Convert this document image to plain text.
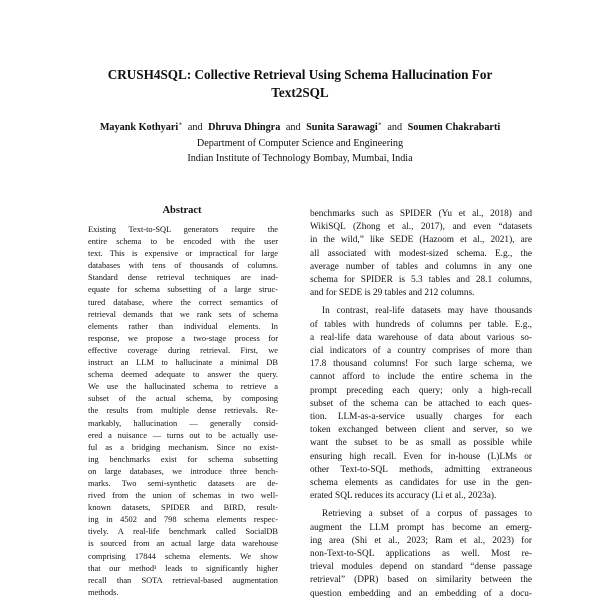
CRUSH4SQL: Collective Retrieval Using Schema Hallucination For
Text2SQL
Mayank Kothyari∗ and Dhruva Dhingra and Sunita Sarawagi∗ and Soumen Chakrabarti
Department of Computer Science and Engineering
Indian Institute of Technology Bombay, Mumbai, India
Abstract
Existing Text-to-SQL generators require the
entire schema to be encoded with the user
text. This is expensive or impractical for large
databases with tens of thousands of columns.
Standard dense retrieval techniques are inad-
equate for schema subsetting of a large struc-
tured database, where the correct semantics of
retrieval demands that we rank sets of schema
elements rather than individual elements. In
response, we propose a two-stage process for
effective coverage during retrieval. First, we
instruct an LLM to hallucinate a minimal DB
schema deemed adequate to answer the query.
We use the hallucinated schema to retrieve a
subset of the actual schema, by composing
the results from multiple dense retrievals. Re-
markably, hallucination — generally consid-
ered a nuisance — turns out to be actually use-
ful as a bridging mechanism. Since no exist-
ing benchmarks exist for schema subsetting
on large databases, we introduce three bench-
marks. Two semi-synthetic datasets are de-
rived from the union of schemas in two well-
known datasets, SPIDER and BIRD, result-
ing in 4502 and 798 schema elements respec-
tively. A real-life benchmark called SocialDB
is sourced from an actual large data warehouse
comprising 17844 schema elements. We show
that our method¹ leads to significantly higher
recall than SOTA retrieval-based augmentation
methods.

benchmarks such as SPIDER (Yu et al., 2018) and
WikiSQL (Zhong et al., 2017), and even “datasets
in the wild,” like SEDE (Hazoom et al., 2021), are
all associated with modest-sized schema. E.g., the
average number of tables and columns in any one
schema for SPIDER is 5.3 tables and 28.1 columns,
and for SEDE is 29 tables and 212 columns.

In contrast, real-life datasets may have thousands
of tables with hundreds of columns per table. E.g.,
a real-life data warehouse of data about various so-
cial indicators of a country comprises of more than
17.8 thousand columns! For such large schema, we
cannot afford to include the entire schema in the
prompt preceding each query; only a high-recall
subset of the schema can be attached to each ques-
tion. LLM-as-a-service usually charges for each
token exchanged between client and server, so we
want the subset to be as small as possible while
ensuring high recall. Even for in-house (L)LMs or
other Text-to-SQL methods, admitting extraneous
schema elements as candidates for use in the gen-
erated SQL reduces its accuracy (Li et al., 2023a).

Retrieving a subset of a corpus of passages to
augment the LLM prompt has become an emerg-
ing area (Shi et al., 2023; Ram et al., 2023) for
non-Text-to-SQL applications as well. Most re-
trieval modules depend on standard “dense passage
retrieval” (DPR) based on similarity between the
question embedding and an embedding of a docu-
